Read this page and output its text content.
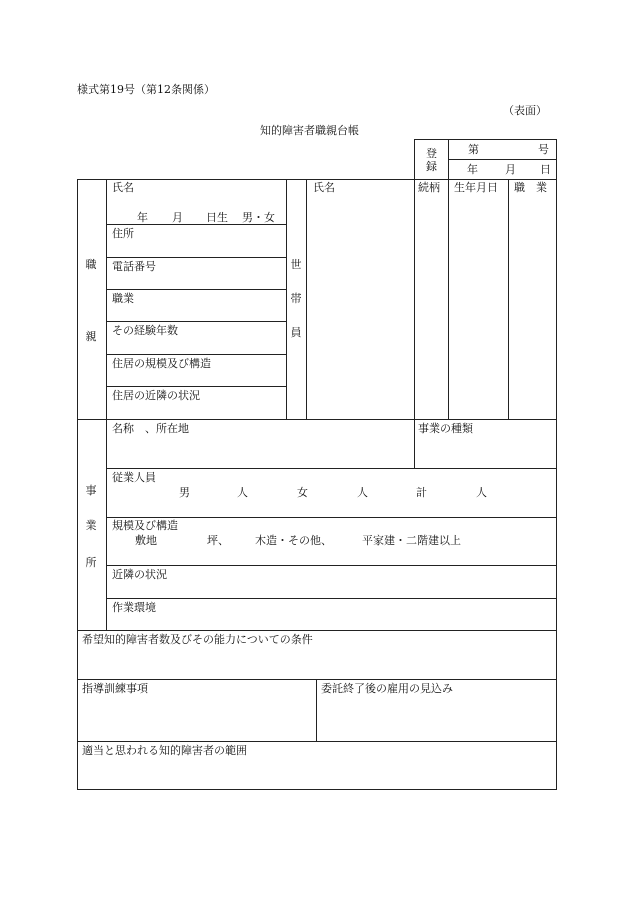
様式第19号（第12条関係）
（表面）
知的障害者職親台帳
登
録
第	号
年 月 日
職
親
氏名
年 月 日生 男・女
住所
電話番号
職業
その経験年数
住居の規模及び構造
住居の近隣の状況
世
帯
員
氏名	続柄 生年月日 職　業
事
業
所
名称　、所在地	事業の種類
従業人員
男	人	女	人	計	人
規模及び構造
敷地	坪、 木造・その他、	平家建・二階建以上
近隣の状況
作業環境
希望知的障害者数及びその能力についての条件
指導訓練事項	委託終了後の雇用の見込み
適当と思われる知的障害者の範囲
